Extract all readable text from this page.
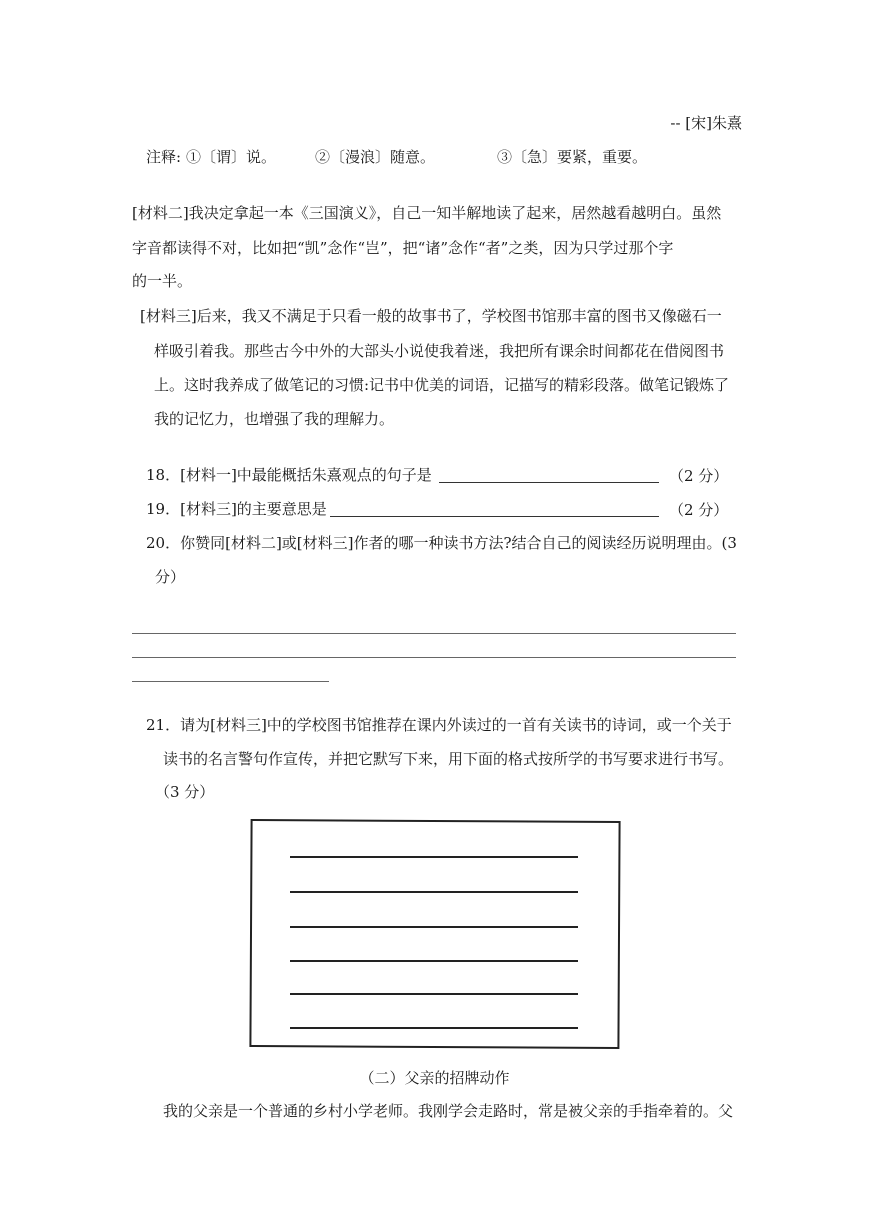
-- [宋]朱熹
注释: ①〔谓〕说。	②〔漫浪〕随意。	③〔急〕要紧，重要。
[材料二]我决定拿起一本《三国演义》，自己一知半解地读了起来，居然越看越明白。虽然
字音都读得不对，比如把“凯”念作“岂”，把“诸”念作“者”之类，因为只学过那个字
的一半。
[材料三]后来，我又不满足于只看一般的故事书了，学校图书馆那丰富的图书又像磁石一
样吸引着我。那些古今中外的大部头小说使我着迷，我把所有课余时间都花在借阅图书
上。这时我养成了做笔记的习惯:记书中优美的词语，记描写的精彩段落。做笔记锻炼了
我的记忆力，也增强了我的理解力。
18．[材料一]中最能概括朱熹观点的句子是	（2 分）
19．[材料三]的主要意思是	（2 分）
20．你赞同[材料二]或[材料三]作者的哪一种读书方法?结合自己的阅读经历说明理由。(3
分）
21．请为[材料三]中的学校图书馆推荐在课内外读过的一首有关读书的诗词，或一个关于
读书的名言警句作宣传，并把它默写下来，用下面的格式按所学的书写要求进行书写。
（3 分）
（二）父亲的招牌动作
我的父亲是一个普通的乡村小学老师。我刚学会走路时，常是被父亲的手指牵着的。父
